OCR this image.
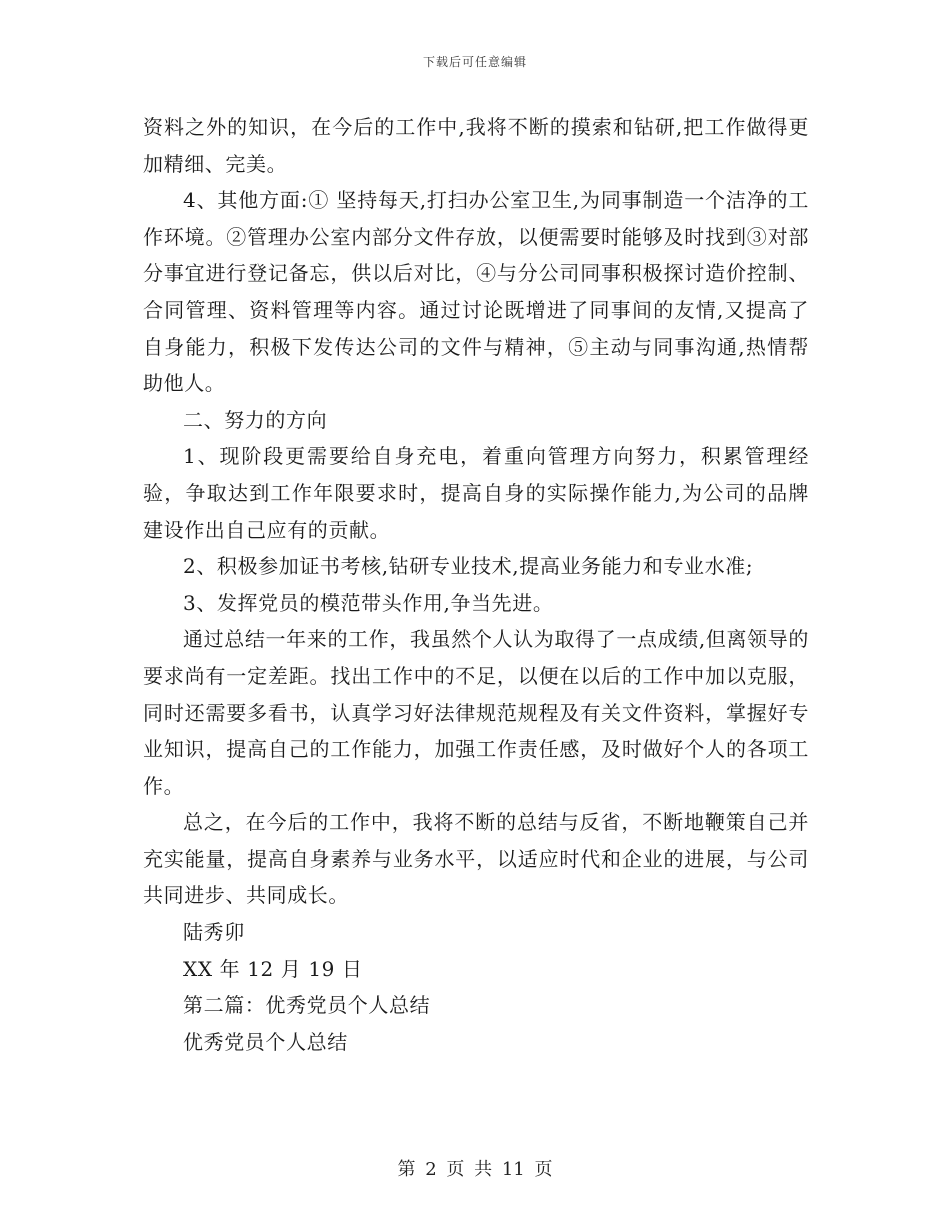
下载后可任意编辑

资料之外的知识，在今后的工作中,我将不断的摸索和钻研,把工作做得更加精细、完美。

4、其他方面:① 坚持每天,打扫办公室卫生,为同事制造一个洁净的工作环境。②管理办公室内部分文件存放，以便需要时能够及时找到③对部分事宜进行登记备忘，供以后对比，④与分公司同事积极探讨造价控制、合同管理、资料管理等内容。通过讨论既增进了同事间的友情,又提高了自身能力，积极下发传达公司的文件与精神，⑤主动与同事沟通,热情帮助他人。

二、努力的方向

1、现阶段更需要给自身充电，着重向管理方向努力，积累管理经验，争取达到工作年限要求时，提高自身的实际操作能力,为公司的品牌建设作出自己应有的贡献。

2、积极参加证书考核,钻研专业技术,提高业务能力和专业水准;

3、发挥党员的模范带头作用,争当先进。

通过总结一年来的工作，我虽然个人认为取得了一点成绩,但离领导的要求尚有一定差距。找出工作中的不足，以便在以后的工作中加以克服，同时还需要多看书，认真学习好法律规范规程及有关文件资料，掌握好专业知识，提高自己的工作能力，加强工作责任感，及时做好个人的各项工作。

总之，在今后的工作中，我将不断的总结与反省，不断地鞭策自己并充实能量，提高自身素养与业务水平，以适应时代和企业的进展，与公司共同进步、共同成长。

陆秀卯

XX 年 12 月 19 日

第二篇：优秀党员个人总结

优秀党员个人总结

第 2 页 共 11 页
